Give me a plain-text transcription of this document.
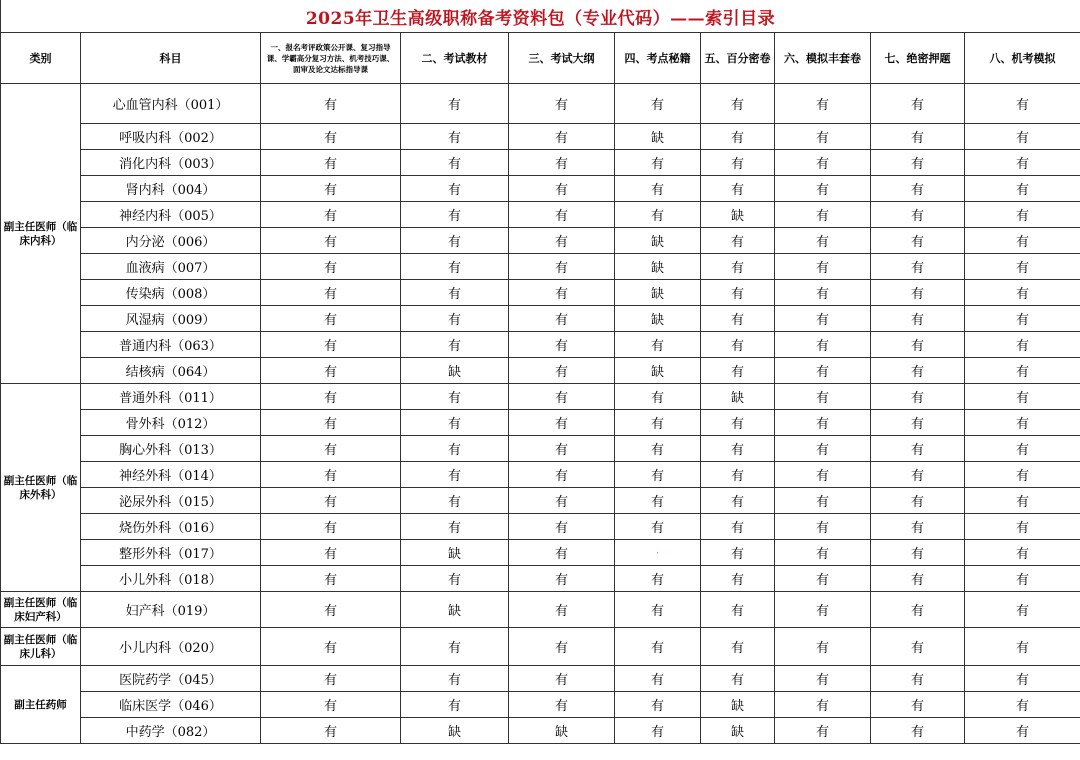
2025年卫生高级职称备考资料包（专业代码）——索引目录									
类别	科目	一、报名考评政策公开课、复习指导课、学霸高分复习方法、机考技巧课、面审及论文达标指导课	二、考试教材	三、考试大纲	四、考点秘籍	五、百分密卷	六、模拟丰套卷	七、绝密押题	八、机考模拟
副主任医师（临床内科）	心血管内科（001）	有	有	有	有	有	有	有	有
	呼吸内科（002）	有	有	有	缺	有	有	有	有
	消化内科（003）	有	有	有	有	有	有	有	有
	肾内科（004）	有	有	有	有	有	有	有	有
	神经内科（005）	有	有	有	有	缺	有	有	有
	内分泌（006）	有	有	有	缺	有	有	有	有
	血液病（007）	有	有	有	缺	有	有	有	有
	传染病（008）	有	有	有	缺	有	有	有	有
	风湿病（009）	有	有	有	缺	有	有	有	有
	普通内科（063）	有	有	有	有	有	有	有	有
	结核病（064）	有	缺	有	缺	有	有	有	有
副主任医师（临床外科）	普通外科（011）	有	有	有	有	缺	有	有	有
	骨外科（012）	有	有	有	有	有	有	有	有
	胸心外科（013）	有	有	有	有	有	有	有	有
	神经外科（014）	有	有	有	有	有	有	有	有
	泌尿外科（015）	有	有	有	有	有	有	有	有
	烧伤外科（016）	有	有	有	有	有	有	有	有
	整形外科（017）	有	缺	有	·	有	有	有	有
	小儿外科（018）	有	有	有	有	有	有	有	有
副主任医师（临床妇产科）	妇产科（019）	有	缺	有	有	有	有	有	有
副主任医师（临床儿科）	小儿内科（020）	有	有	有	有	有	有	有	有
副主任药师	医院药学（045）	有	有	有	有	有	有	有	有
	临床医学（046）	有	有	有	有	缺	有	有	有
	中药学（082）	有	缺	缺	有	缺	有	有	有
